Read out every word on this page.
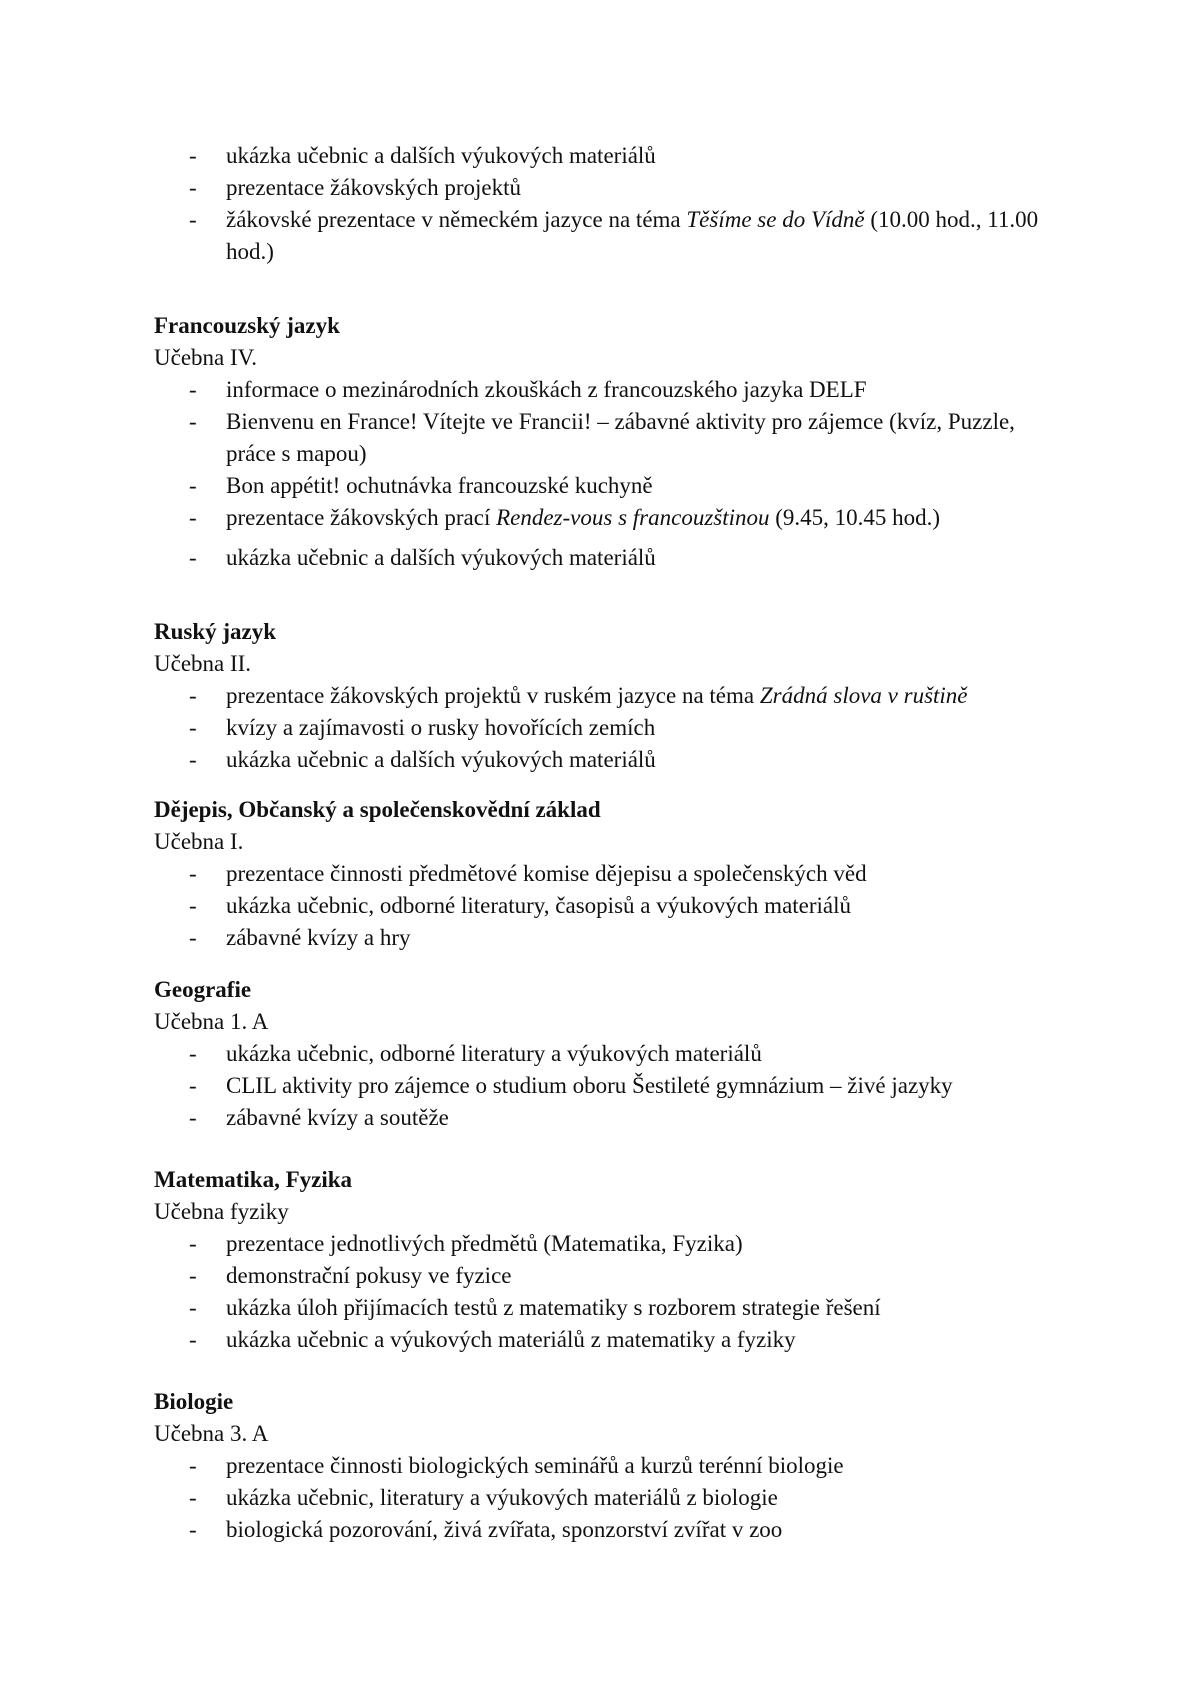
- ukázka učebnic a dalších výukových materiálů
- prezentace žákovských projektů
- žákovské prezentace v německém jazyce na téma Těšíme se do Vídně (10.00 hod., 11.00 hod.)

Francouzský jazyk

Učebna IV.

- informace o mezinárodních zkouškách z francouzského jazyka DELF
- Bienvenu en France! Vítejte ve Francii! – zábavné aktivity pro zájemce (kvíz, Puzzle, práce s mapou)
- Bon appétit! ochutnávka francouzské kuchyně
- prezentace žákovských prací Rendez-vous s francouzštinou (9.45, 10.45 hod.)
- ukázka učebnic a dalších výukových materiálů

Ruský jazyk

Učebna II.

- prezentace žákovských projektů v ruském jazyce na téma Zrádná slova v ruštině
- kvízy a zajímavosti o rusky hovořících zemích
- ukázka učebnic a dalších výukových materiálů

Dějepis, Občanský a společenskovědní základ

Učebna I.

- prezentace činnosti předmětové komise dějepisu a společenských věd
- ukázka učebnic, odborné literatury, časopisů a výukových materiálů
- zábavné kvízy a hry

Geografie

Učebna 1. A

- ukázka učebnic, odborné literatury a výukových materiálů
- CLIL aktivity pro zájemce o studium oboru Šestileté gymnázium – živé jazyky
- zábavné kvízy a soutěže

Matematika, Fyzika

Učebna fyziky

- prezentace jednotlivých předmětů (Matematika, Fyzika)
- demonstrační pokusy ve fyzice
- ukázka úloh přijímacích testů z matematiky s rozborem strategie řešení
- ukázka učebnic a výukových materiálů z matematiky a fyziky

Biologie

Učebna 3. A

- prezentace činnosti biologických seminářů a kurzů terénní biologie
- ukázka učebnic, literatury a výukových materiálů z biologie
- biologická pozorování, živá zvířata, sponzorství zvířat v zoo
